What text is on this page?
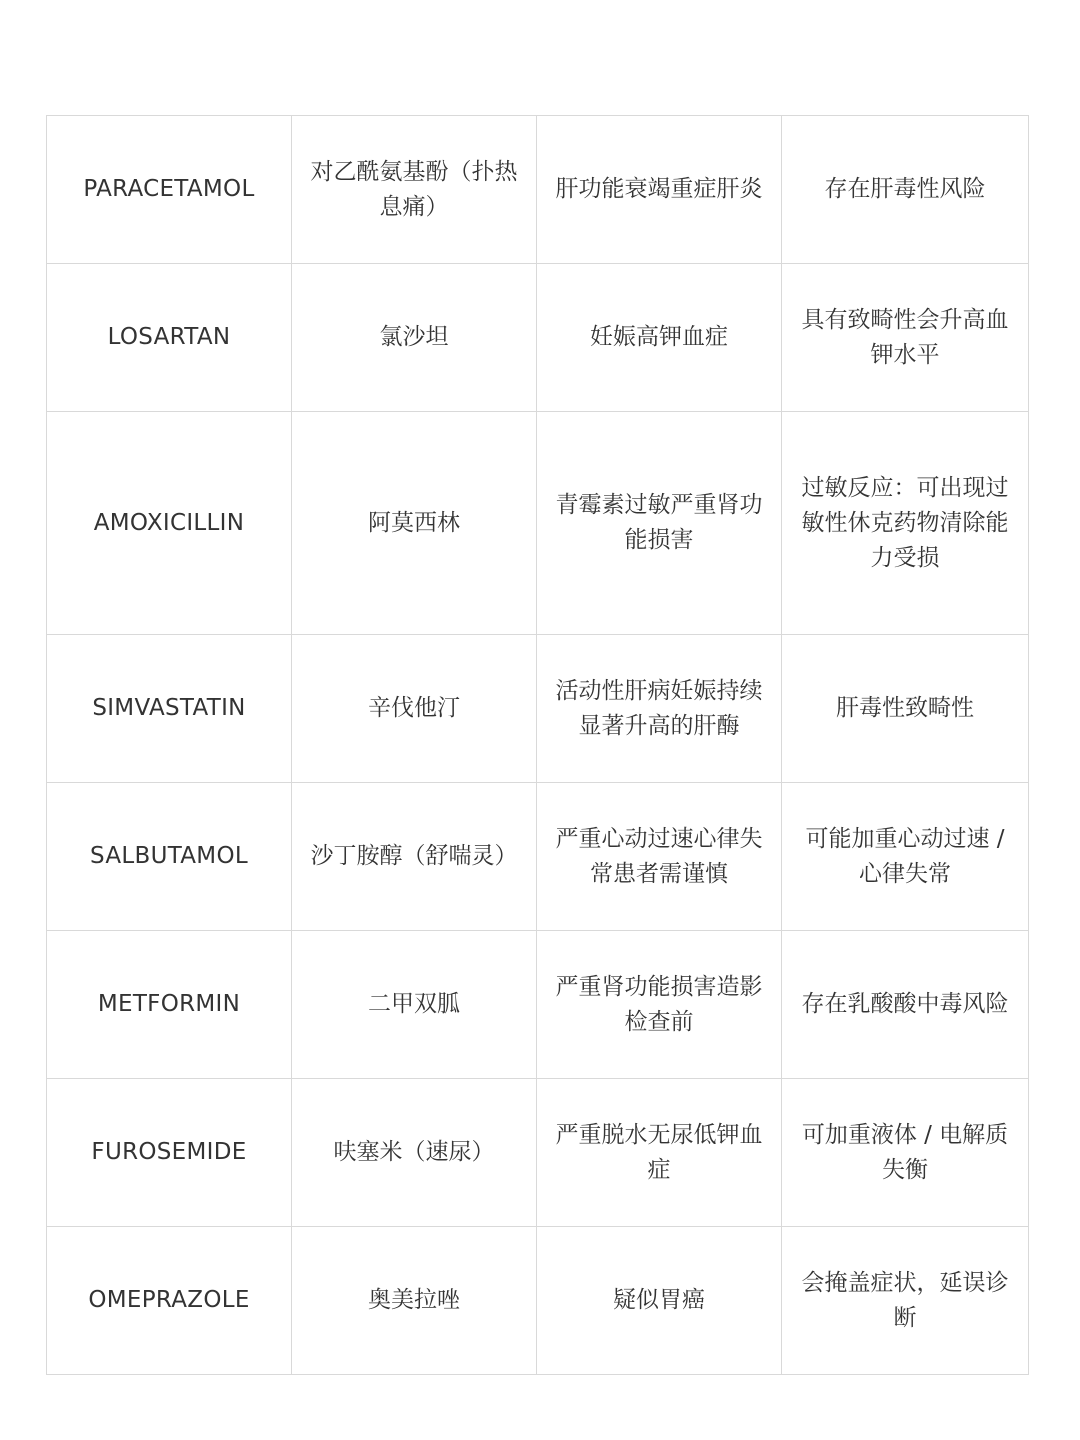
PARACETAMOL	对乙酰氨基酚（扑热息痛）	肝功能衰竭重症肝炎	存在肝毒性风险
LOSARTAN	氯沙坦	妊娠高钾血症	具有致畸性会升高血钾水平
AMOXICILLIN	阿莫西林	青霉素过敏严重肾功能损害	过敏反应：可出现过敏性休克药物清除能力受损
SIMVASTATIN	辛伐他汀	活动性肝病妊娠持续显著升高的肝酶	肝毒性致畸性
SALBUTAMOL	沙丁胺醇（舒喘灵）	严重心动过速心律失常患者需谨慎	可能加重心动过速 / 心律失常
METFORMIN	二甲双胍	严重肾功能损害造影检查前	存在乳酸酸中毒风险
FUROSEMIDE	呋塞米（速尿）	严重脱水无尿低钾血症	可加重液体 / 电解质失衡
OMEPRAZOLE	奥美拉唑	疑似胃癌	会掩盖症状，延误诊断
